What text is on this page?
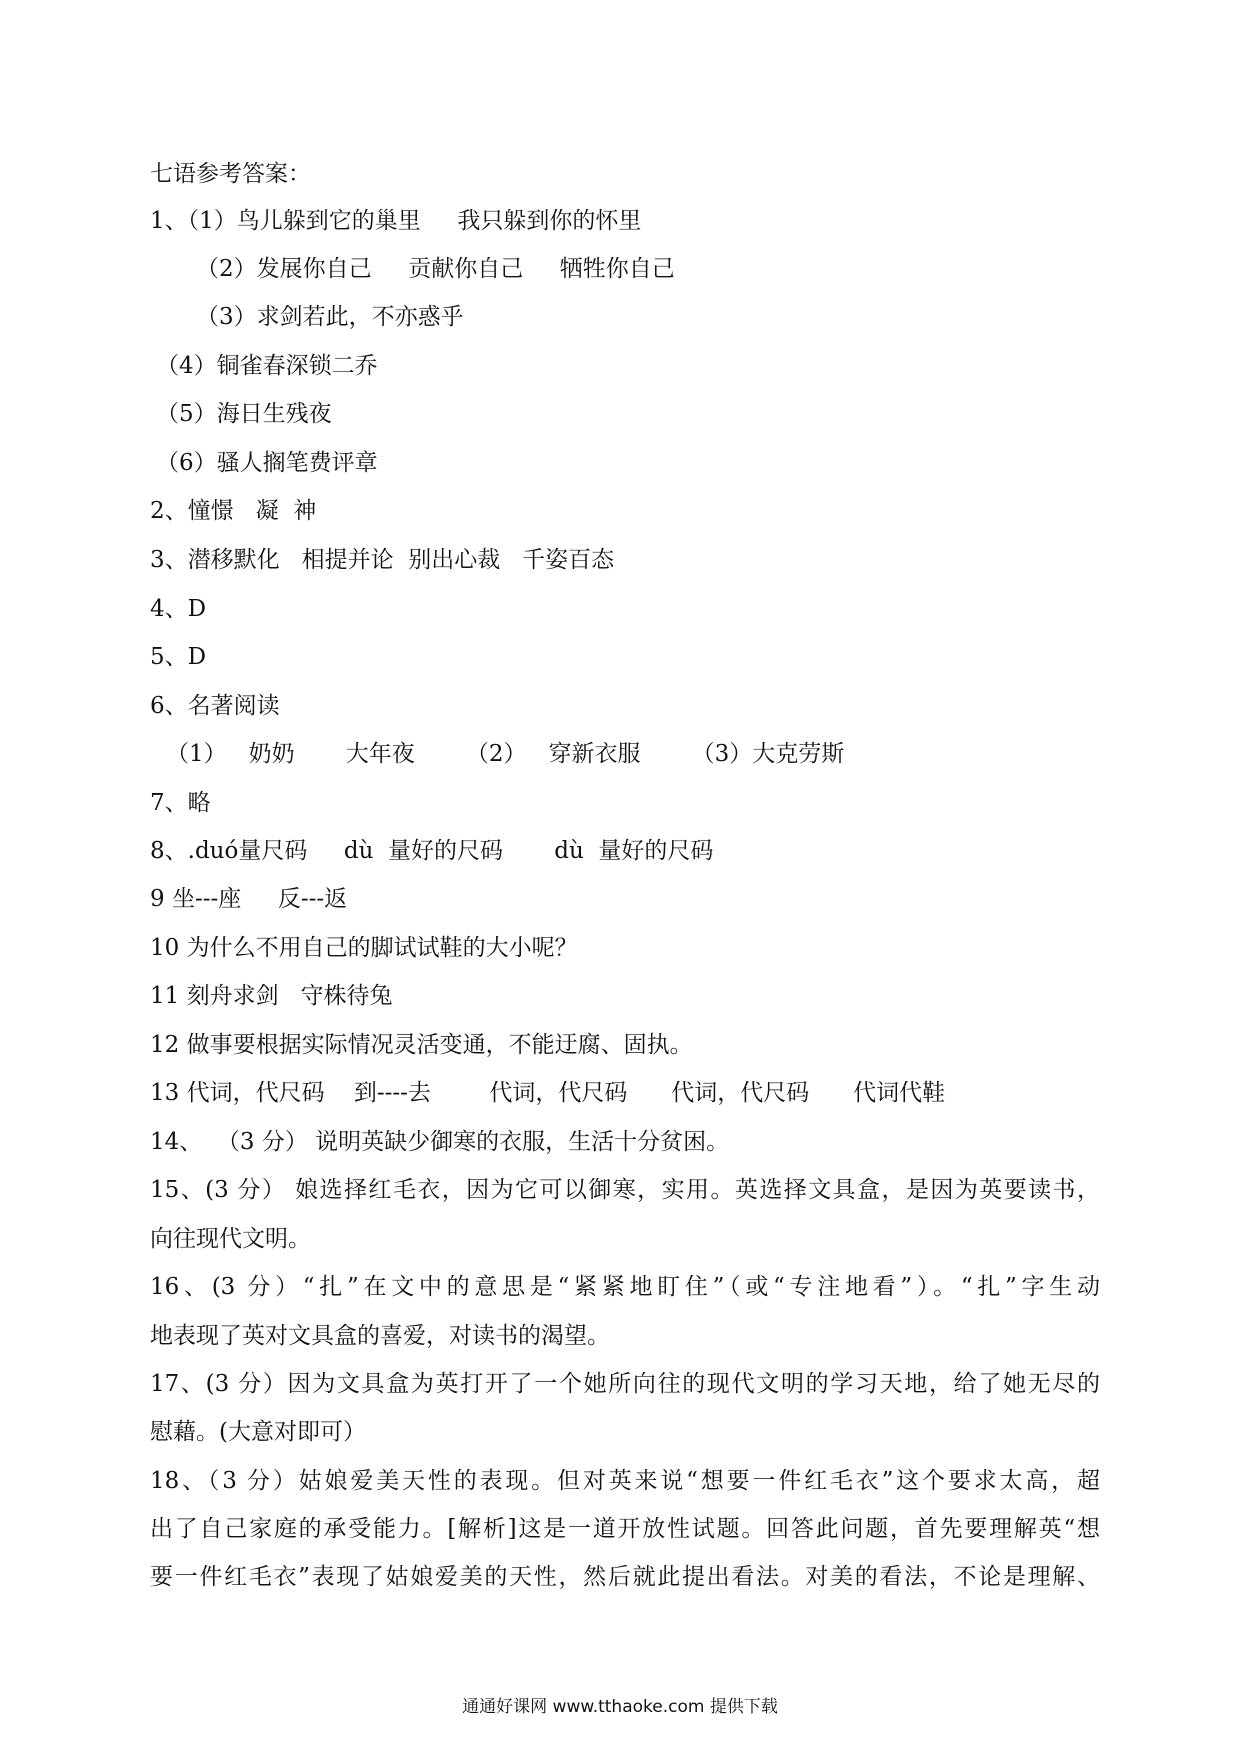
七语参考答案：
1、（1）鸟儿躲到它的巢里     我只躲到你的怀里
（2）发展你自己     贡献你自己     牺牲你自己
（3）求剑若此，不亦惑乎
（4）铜雀春深锁二乔
（5）海日生残夜
（6）骚人搁笔费评章
2、憧憬   凝  神
3、潜移默化   相提并论  别出心裁   千姿百态
4、D
5、D
6、名著阅读
（1）   奶奶       大年夜       （2）   穿新衣服       （3）大克劳斯
7、略
8、.duó量尺码     dù  量好的尺码       dù  量好的尺码
9 坐---座     反---返
10 为什么不用自己的脚试试鞋的大小呢？
11 刻舟求剑   守株待兔
12 做事要根据实际情况灵活变通，不能迂腐、固执。
13 代词，代尺码    到----去        代词，代尺码      代词，代尺码      代词代鞋
14、  （3 分） 说明英缺少御寒的衣服，生活十分贫困。
15、(3 分） 娘选择红毛衣，因为它可以御寒，实用。英选择文具盒，是因为英要读书，
向往现代文明。
16、(3 分）“扎”在文中的意思是“紧紧地盯住”（或“专注地看”）。“扎”字生动
地表现了英对文具盒的喜爱，对读书的渴望。
17、(3 分）因为文具盒为英打开了一个她所向往的现代文明的学习天地，给了她无尽的
慰藉。(大意对即可）
18、（3 分）姑娘爱美天性的表现。但对英来说“想要一件红毛衣”这个要求太高，超
出了自己家庭的承受能力。[解析]这是一道开放性试题。回答此问题，首先要理解英“想
要一件红毛衣”表现了姑娘爱美的天性，然后就此提出看法。对美的看法，不论是理解、
通通好课网 www.tthaoke.com 提供下载
